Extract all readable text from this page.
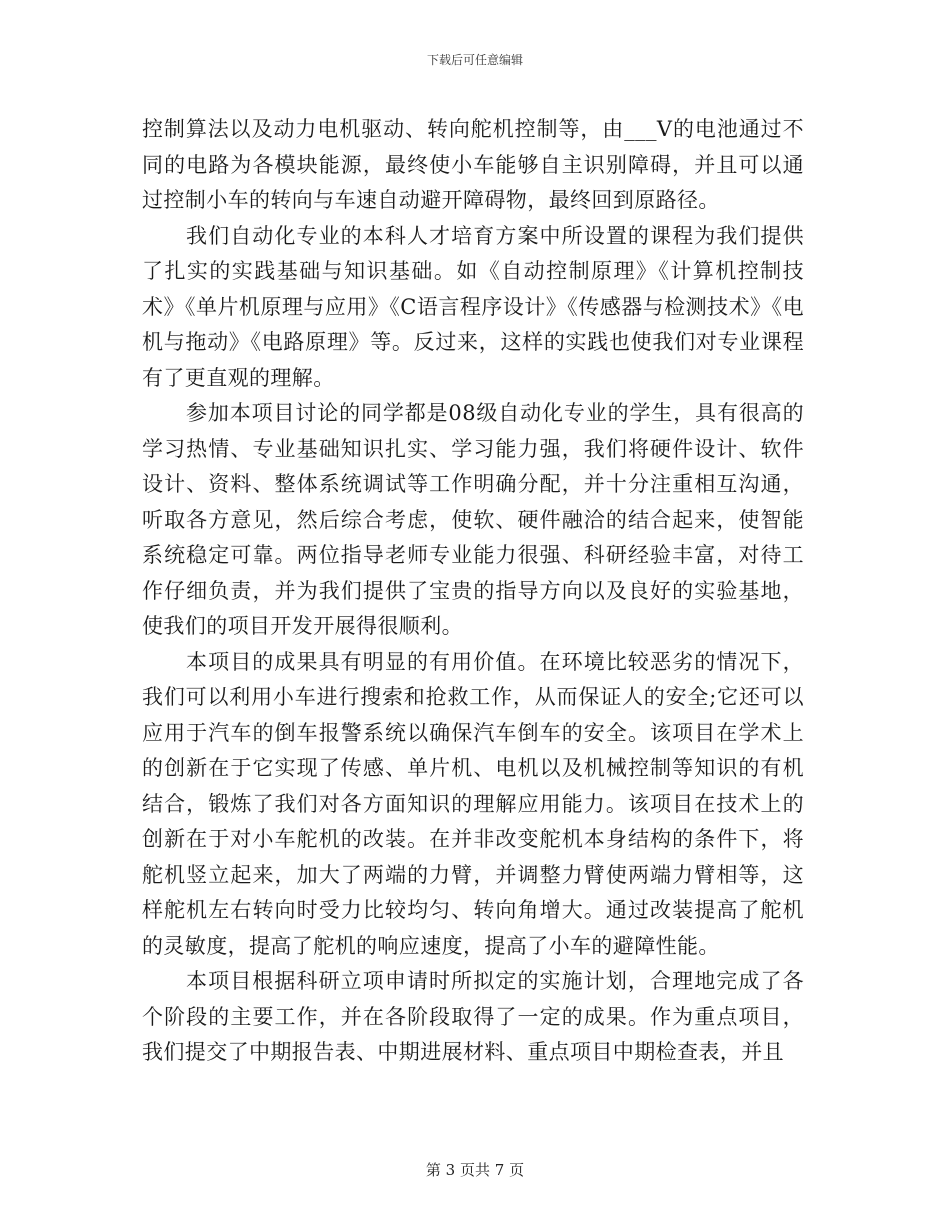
下载后可任意编辑

控制算法以及动力电机驱动、转向舵机控制等，由___V的电池通过不同的电路为各模块能源，最终使小车能够自主识别障碍，并且可以通过控制小车的转向与车速自动避开障碍物，最终回到原路径。

我们自动化专业的本科人才培育方案中所设置的课程为我们提供了扎实的实践基础与知识基础。如《自动控制原理》《计算机控制技术》《单片机原理与应用》《C语言程序设计》《传感器与检测技术》《电机与拖动》《电路原理》等。反过来，这样的实践也使我们对专业课程有了更直观的理解。

参加本项目讨论的同学都是08级自动化专业的学生，具有很高的学习热情、专业基础知识扎实、学习能力强，我们将硬件设计、软件设计、资料、整体系统调试等工作明确分配，并十分注重相互沟通，听取各方意见，然后综合考虑，使软、硬件融洽的结合起来，使智能系统稳定可靠。两位指导老师专业能力很强、科研经验丰富，对待工作仔细负责，并为我们提供了宝贵的指导方向以及良好的实验基地，使我们的项目开发开展得很顺利。

本项目的成果具有明显的有用价值。在环境比较恶劣的情况下，我们可以利用小车进行搜索和抢救工作，从而保证人的安全;它还可以应用于汽车的倒车报警系统以确保汽车倒车的安全。该项目在学术上的创新在于它实现了传感、单片机、电机以及机械控制等知识的有机结合，锻炼了我们对各方面知识的理解应用能力。该项目在技术上的创新在于对小车舵机的改装。在并非改变舵机本身结构的条件下，将舵机竖立起来，加大了两端的力臂，并调整力臂使两端力臂相等，这样舵机左右转向时受力比较均匀、转向角增大。通过改装提高了舵机的灵敏度，提高了舵机的响应速度，提高了小车的避障性能。

本项目根据科研立项申请时所拟定的实施计划，合理地完成了各个阶段的主要工作，并在各阶段取得了一定的成果。作为重点项目，我们提交了中期报告表、中期进展材料、重点项目中期检查表，并且

第 3 页共 7 页
